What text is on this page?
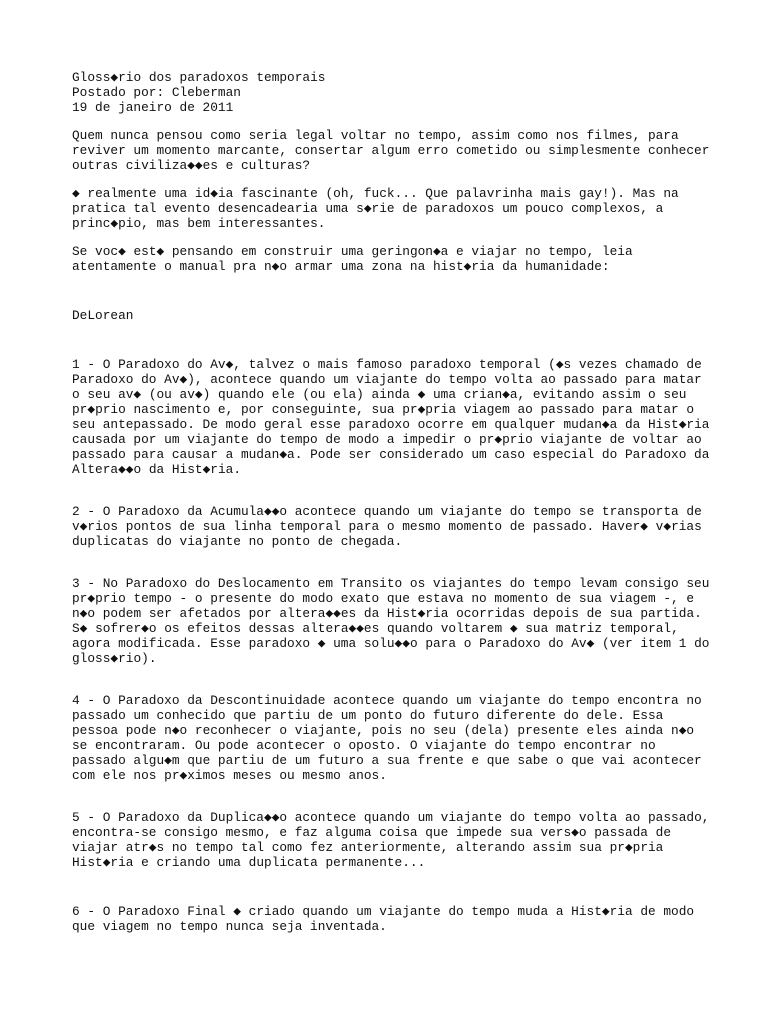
Gloss◆rio dos paradoxos temporais
Postado por: Cleberman
19 de janeiro de 2011
Quem nunca pensou como seria legal voltar no tempo, assim como nos filmes, para
reviver um momento marcante, consertar algum erro cometido ou simplesmente conhecer
outras civiliza◆◆es e culturas?
◆ realmente uma id◆ia fascinante (oh, fuck... Que palavrinha mais gay!). Mas na
pratica tal evento desencadearia uma s◆rie de paradoxos um pouco complexos, a
princ◆pio, mas bem interessantes.
Se voc◆ est◆ pensando em construir uma geringon◆a e viajar no tempo, leia
atentamente o manual pra n◆o armar uma zona na hist◆ria da humanidade:
DeLorean
1 - O Paradoxo do Av◆, talvez o mais famoso paradoxo temporal (◆s vezes chamado de
Paradoxo do Av◆), acontece quando um viajante do tempo volta ao passado para matar
o seu av◆ (ou av◆) quando ele (ou ela) ainda ◆ uma crian◆a, evitando assim o seu
pr◆prio nascimento e, por conseguinte, sua pr◆pria viagem ao passado para matar o
seu antepassado. De modo geral esse paradoxo ocorre em qualquer mudan◆a da Hist◆ria
causada por um viajante do tempo de modo a impedir o pr◆prio viajante de voltar ao
passado para causar a mudan◆a. Pode ser considerado um caso especial do Paradoxo da
Altera◆◆o da Hist◆ria.
2 - O Paradoxo da Acumula◆◆o acontece quando um viajante do tempo se transporta de
v◆rios pontos de sua linha temporal para o mesmo momento de passado. Haver◆ v◆rias
duplicatas do viajante no ponto de chegada.
3 - No Paradoxo do Deslocamento em Transito os viajantes do tempo levam consigo seu
pr◆prio tempo - o presente do modo exato que estava no momento de sua viagem -, e
n◆o podem ser afetados por altera◆◆es da Hist◆ria ocorridas depois de sua partida.
S◆ sofrer◆o os efeitos dessas altera◆◆es quando voltarem ◆ sua matriz temporal,
agora modificada. Esse paradoxo ◆ uma solu◆◆o para o Paradoxo do Av◆ (ver item 1 do
gloss◆rio).
4 - O Paradoxo da Descontinuidade acontece quando um viajante do tempo encontra no
passado um conhecido que partiu de um ponto do futuro diferente do dele. Essa
pessoa pode n◆o reconhecer o viajante, pois no seu (dela) presente eles ainda n◆o
se encontraram. Ou pode acontecer o oposto. O viajante do tempo encontrar no
passado algu◆m que partiu de um futuro a sua frente e que sabe o que vai acontecer
com ele nos pr◆ximos meses ou mesmo anos.
5 - O Paradoxo da Duplica◆◆o acontece quando um viajante do tempo volta ao passado,
encontra-se consigo mesmo, e faz alguma coisa que impede sua vers◆o passada de
viajar atr◆s no tempo tal como fez anteriormente, alterando assim sua pr◆pria
Hist◆ria e criando uma duplicata permanente...
6 - O Paradoxo Final ◆ criado quando um viajante do tempo muda a Hist◆ria de modo
que viagem no tempo nunca seja inventada.
